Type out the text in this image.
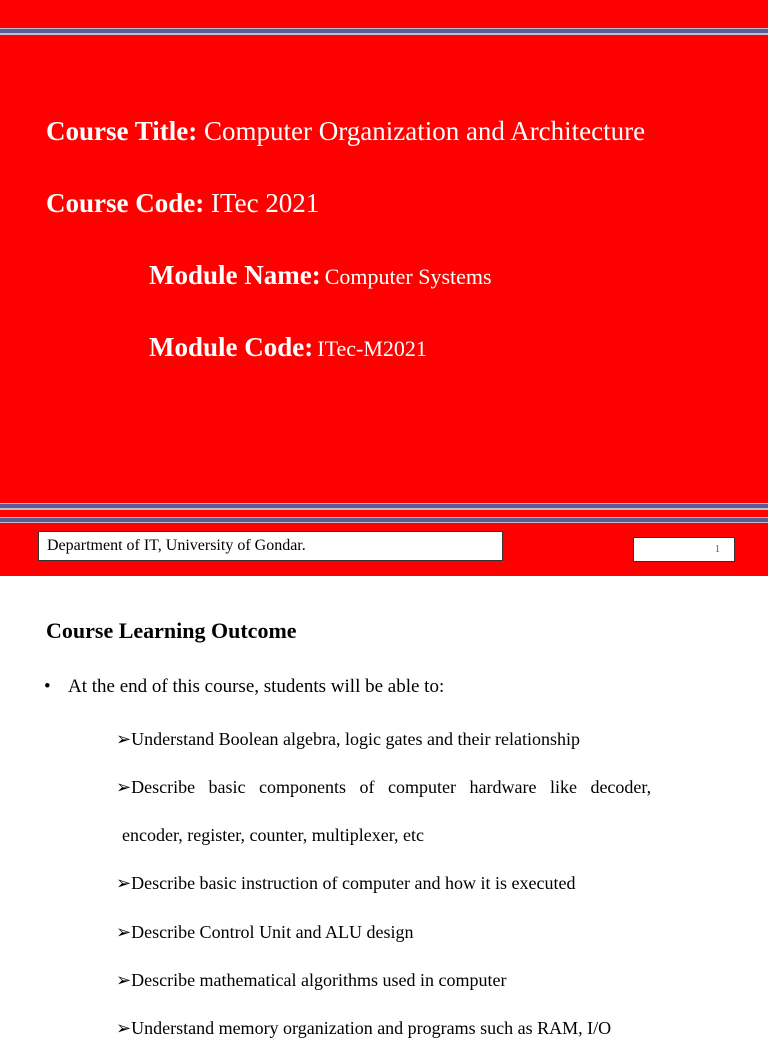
Course Title: Computer Organization and Architecture
Course Code: ITec 2021
Module Name: Computer Systems
Module Code: ITec-M2021
Department of IT, University of Gondar.	1
Course Learning Outcome
• At the end of this course, students will be able to:
➢Understand Boolean algebra, logic gates and their relationship
➢Describe basic components of computer hardware like decoder,
encoder, register, counter, multiplexer, etc
➢Describe basic instruction of computer and how it is executed
➢Describe Control Unit and ALU design
➢Describe mathematical algorithms used in computer
➢Understand memory organization and programs such as RAM, I/O
